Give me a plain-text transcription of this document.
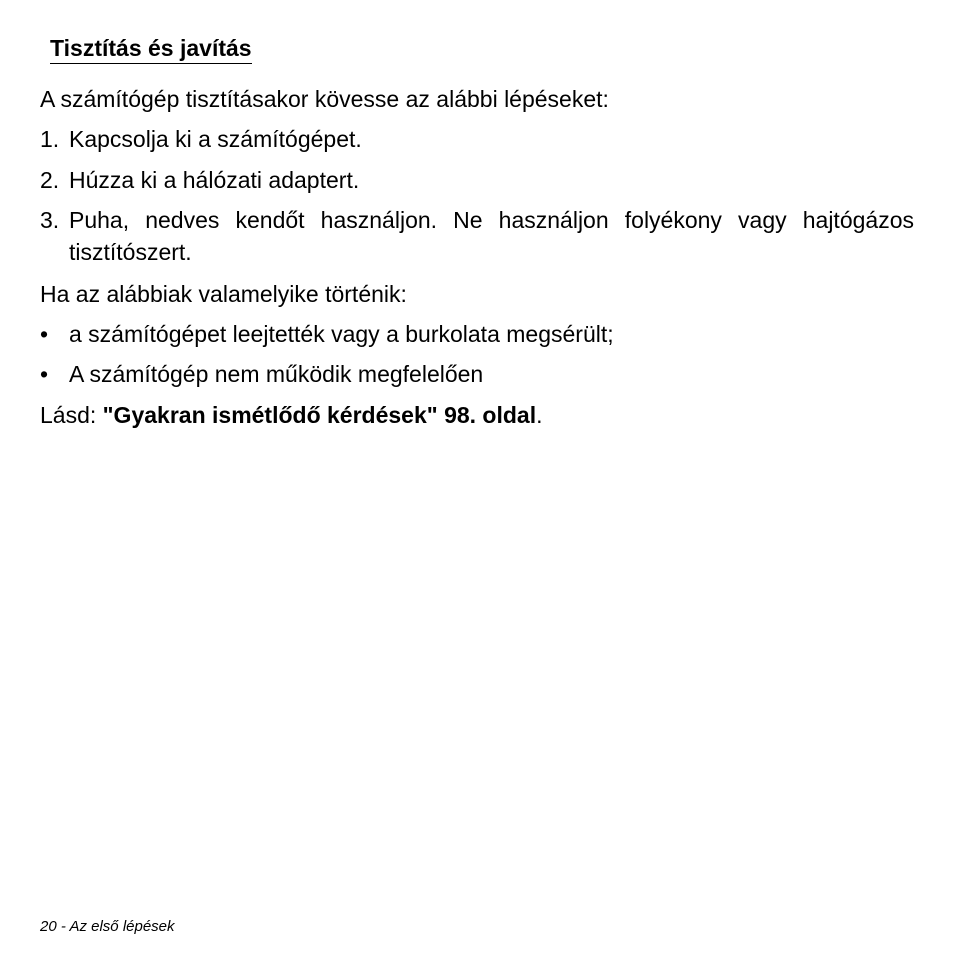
Tisztítás és javítás
A számítógép tisztításakor kövesse az alábbi lépéseket:
1. Kapcsolja ki a számítógépet.
2. Húzza ki a hálózati adaptert.
3. Puha, nedves kendőt használjon. Ne használjon folyékony vagy hajtógázos tisztítószert.
Ha az alábbiak valamelyike történik:
• a számítógépet leejtették vagy a burkolata megsérült;
• A számítógép nem működik megfelelően
Lásd: "Gyakran ismétlődő kérdések" 98. oldal.
20 - Az első lépések
